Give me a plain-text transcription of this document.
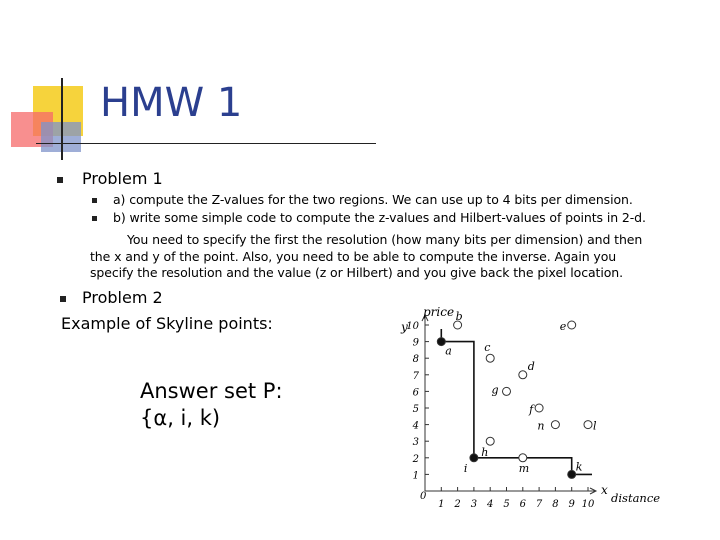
HMW 1
Problem 1
a) compute the Z-values for the two regions. We can use up to 4 bits per dimension.
b) write some simple code to compute the z-values and Hilbert-values of points in 2-d.
You need to specify the first the resolution (how many bits per dimension) and then
the x and y of the point. Also, you need to be able to compute the inverse. Again you
specify the resolution and the value (z or Hilbert) and you give back the pixel location.
Problem 2
Example of Skyline points:
Answer set P:
{α, i, k)
1 2 3 4 5 6 7 8 9 10
1
2
3
4
5
6
7
8
9
10
a
b
c
d
e
f
g
h
i	m
n	l
k
price
y
x
distance
0
